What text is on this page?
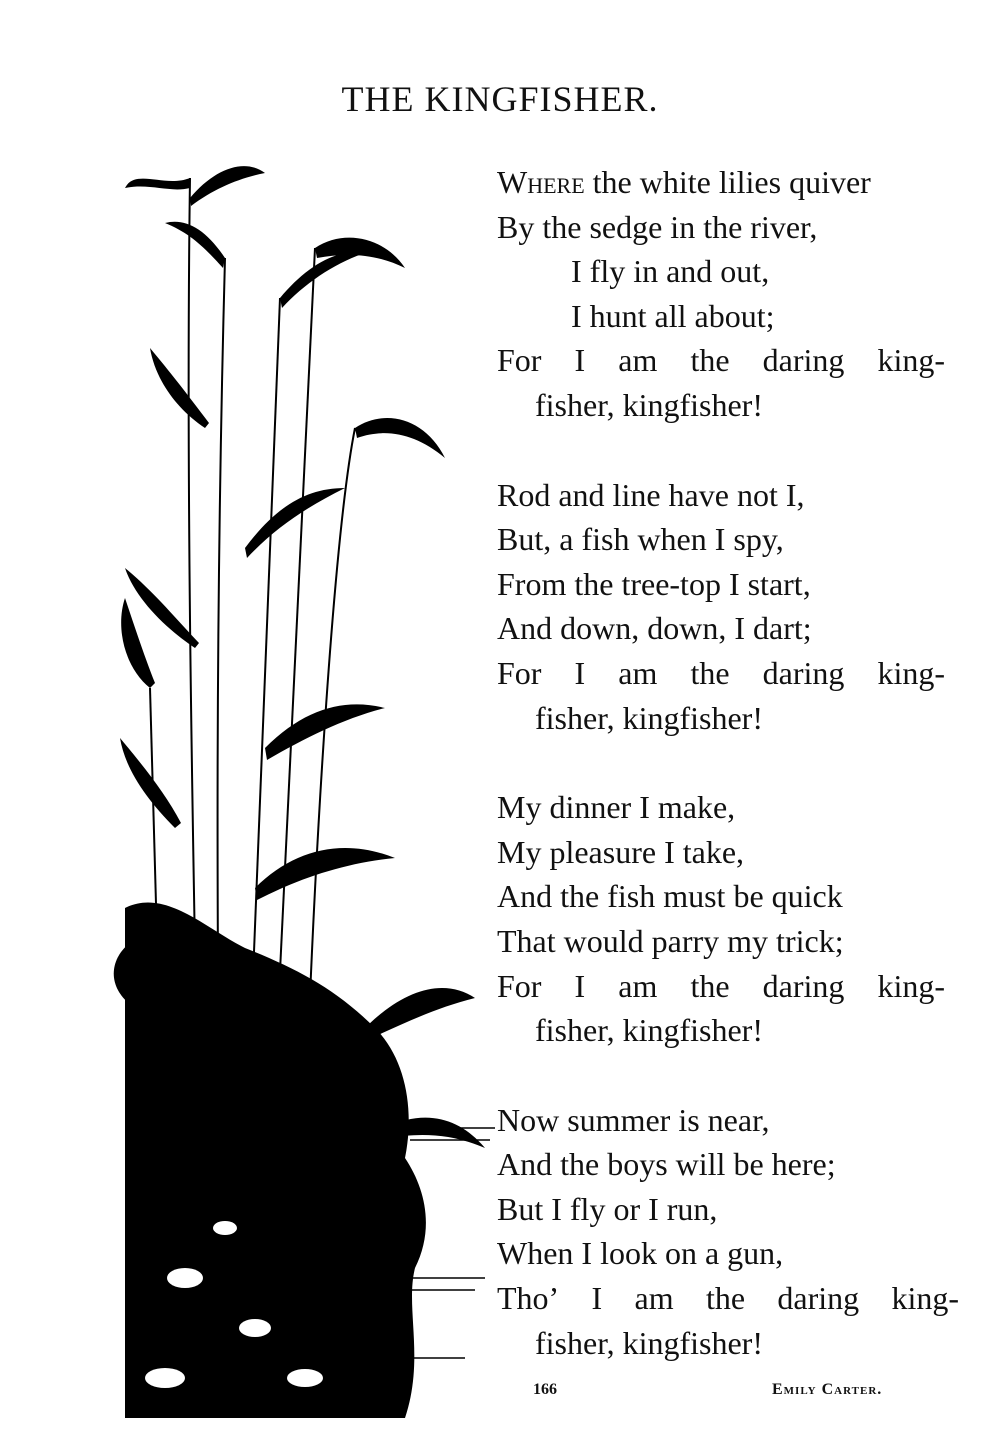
THE KINGFISHER.
Where the white lilies quiver
By the sedge in the river,
I fly in and out,
I hunt all about;
For I am the daring king-
fisher, kingfisher!
Rod and line have not I,
But, a fish when I spy,
From the tree-top I start,
And down, down, I dart;
For I am the daring king-
fisher, kingfisher!
My dinner I make,
My pleasure I take,
And the fish must be quick
That would parry my trick;
For I am the daring king-
fisher, kingfisher!
Now summer is near,
And the boys will be here;
But I fly or I run,
When I look on a gun,
Tho’ I am the daring king-
fisher, kingfisher!
166	Emily Carter.
